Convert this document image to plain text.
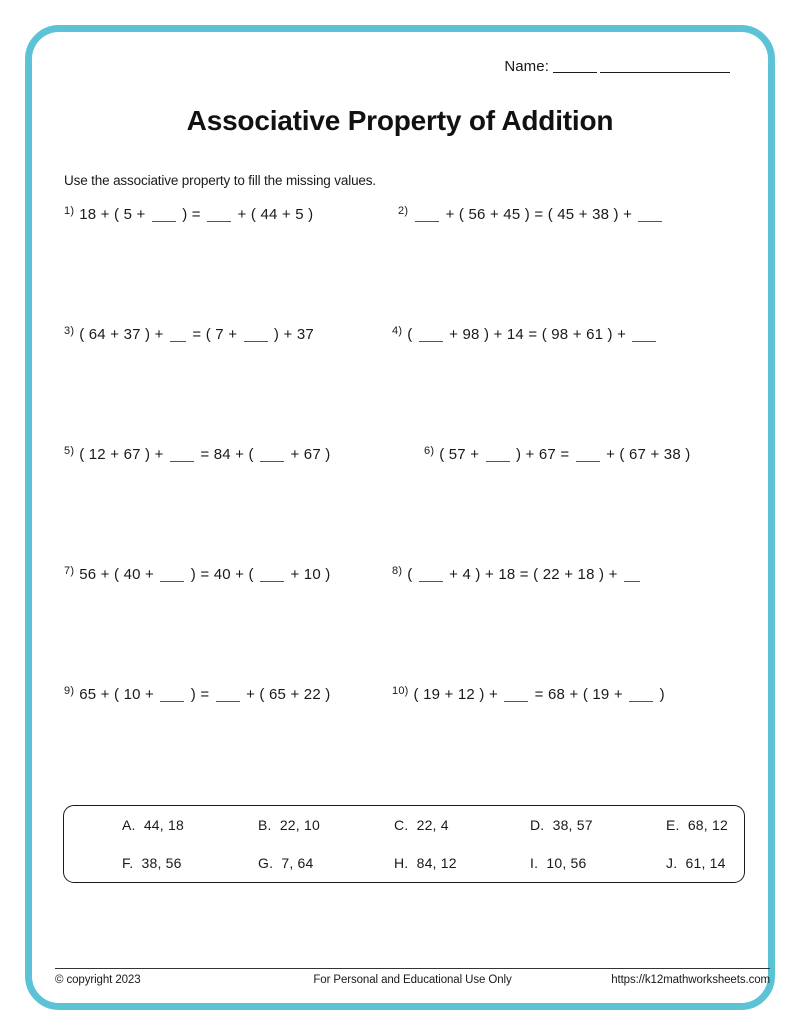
Name:
Associative Property of Addition
Use the associative property to fill the missing values.
$^{1)}$ 18 + ( 5 + ) = + ( 44 + 5 )	$^{2)}$ + ( 56 + 45 ) = ( 45 + 38 ) +
$^{3)}$ ( 64 + 37 ) + = ( 7 + ) + 37	$^{4)}$ ( + 98 ) + 14 = ( 98 + 61 ) +
$^{5)}$ ( 12 + 67 ) + = 84 + ( + 67 )	$^{6)}$ ( 57 + ) + 67 = + ( 67 + 38 )
$^{7)}$ 56 + ( 40 + ) = 40 + ( + 10 )	$^{8)}$ ( + 4 ) + 18 = ( 22 + 18 ) +
$^{9)}$ 65 + ( 10 + ) = + ( 65 + 22 )	$^{10)}$ ( 19 + 12 ) + = 68 + ( 19 + )
A.  44, 18	B.  22, 10	C.  22, 4	D.  38, 57	E.  68, 12
F.  38, 56	G.  7, 64	H.  84, 12	I.  10, 56	J.  61, 14
© copyright 2023	For Personal and Educational Use Only	https://k12mathworksheets.com
